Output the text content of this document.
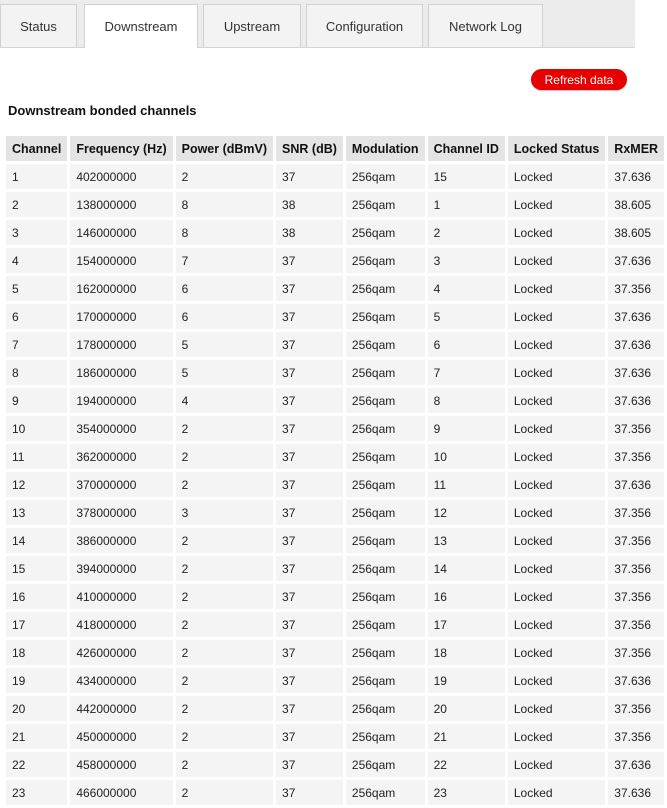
Status	Downstream	Upstream	Configuration	Network Log
Refresh data
Downstream bonded channels
Channel	Frequency (Hz)	Power (dBmV)	SNR (dB)	Modulation	Channel ID	Locked Status	RxMER
1	402000000	2	37	256qam	15	Locked	37.636
2	138000000	8	38	256qam	1	Locked	38.605
3	146000000	8	38	256qam	2	Locked	38.605
4	154000000	7	37	256qam	3	Locked	37.636
5	162000000	6	37	256qam	4	Locked	37.356
6	170000000	6	37	256qam	5	Locked	37.636
7	178000000	5	37	256qam	6	Locked	37.636
8	186000000	5	37	256qam	7	Locked	37.636
9	194000000	4	37	256qam	8	Locked	37.636
10	354000000	2	37	256qam	9	Locked	37.356
11	362000000	2	37	256qam	10	Locked	37.356
12	370000000	2	37	256qam	11	Locked	37.636
13	378000000	3	37	256qam	12	Locked	37.356
14	386000000	2	37	256qam	13	Locked	37.356
15	394000000	2	37	256qam	14	Locked	37.356
16	410000000	2	37	256qam	16	Locked	37.356
17	418000000	2	37	256qam	17	Locked	37.356
18	426000000	2	37	256qam	18	Locked	37.356
19	434000000	2	37	256qam	19	Locked	37.636
20	442000000	2	37	256qam	20	Locked	37.356
21	450000000	2	37	256qam	21	Locked	37.356
22	458000000	2	37	256qam	22	Locked	37.636
23	466000000	2	37	256qam	23	Locked	37.636
